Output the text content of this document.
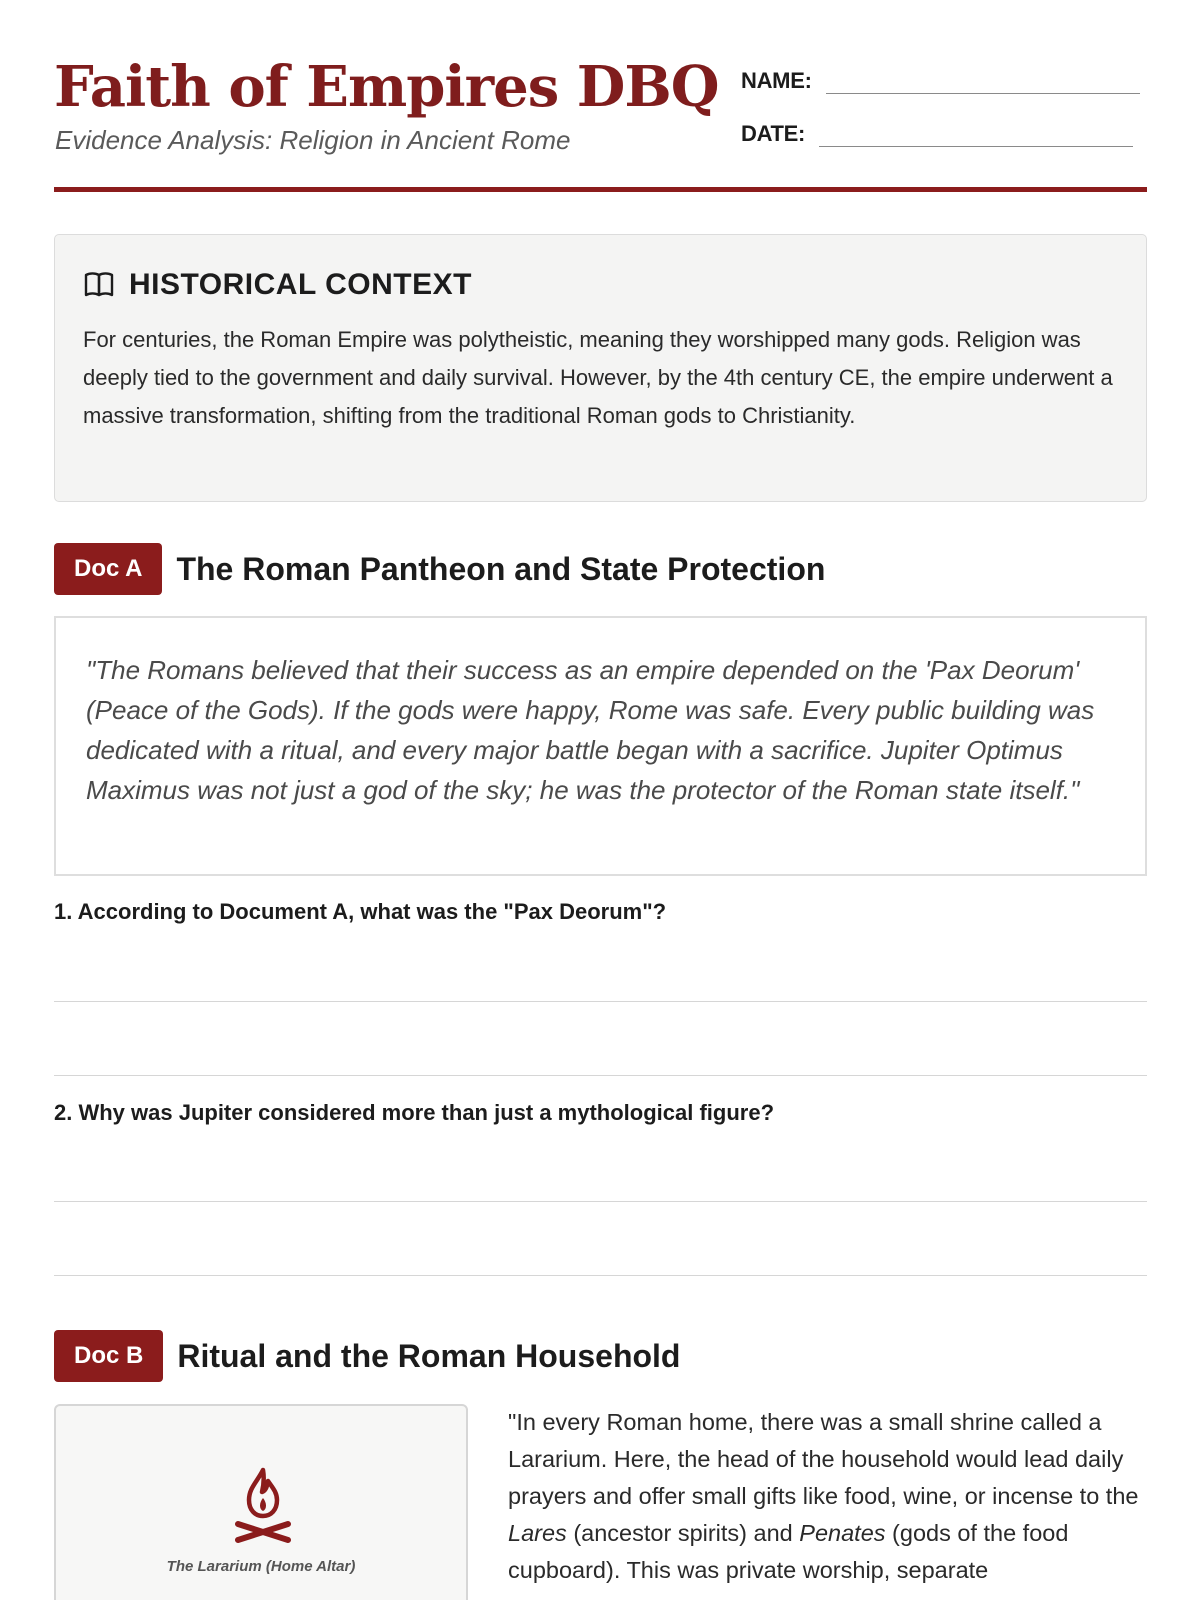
Faith of Empires DBQ
Evidence Analysis: Religion in Ancient Rome
NAME:
DATE:
HISTORICAL CONTEXT

For centuries, the Roman Empire was polytheistic, meaning they worshipped many gods. Religion was deeply tied to the government and daily survival. However, by the 4th century CE, the empire underwent a massive transformation, shifting from the traditional Roman gods to Christianity.

Doc A	The Roman Pantheon and State Protection

"The Romans believed that their success as an empire depended on the 'Pax Deorum' (Peace of the Gods). If the gods were happy, Rome was safe. Every public building was dedicated with a ritual, and every major battle began with a sacrifice. Jupiter Optimus Maximus was not just a god of the sky; he was the protector of the Roman state itself."

1. According to Document A, what was the "Pax Deorum"?
2. Why was Jupiter considered more than just a mythological figure?
Doc B	Ritual and the Roman Household
The Lararium (Home Altar)

"In every Roman home, there was a small shrine called a Lararium. Here, the head of the household would lead daily prayers and offer small gifts like food, wine, or incense to the Lares (ancestor spirits) and Penates (gods of the food cupboard). This was private worship, separate
